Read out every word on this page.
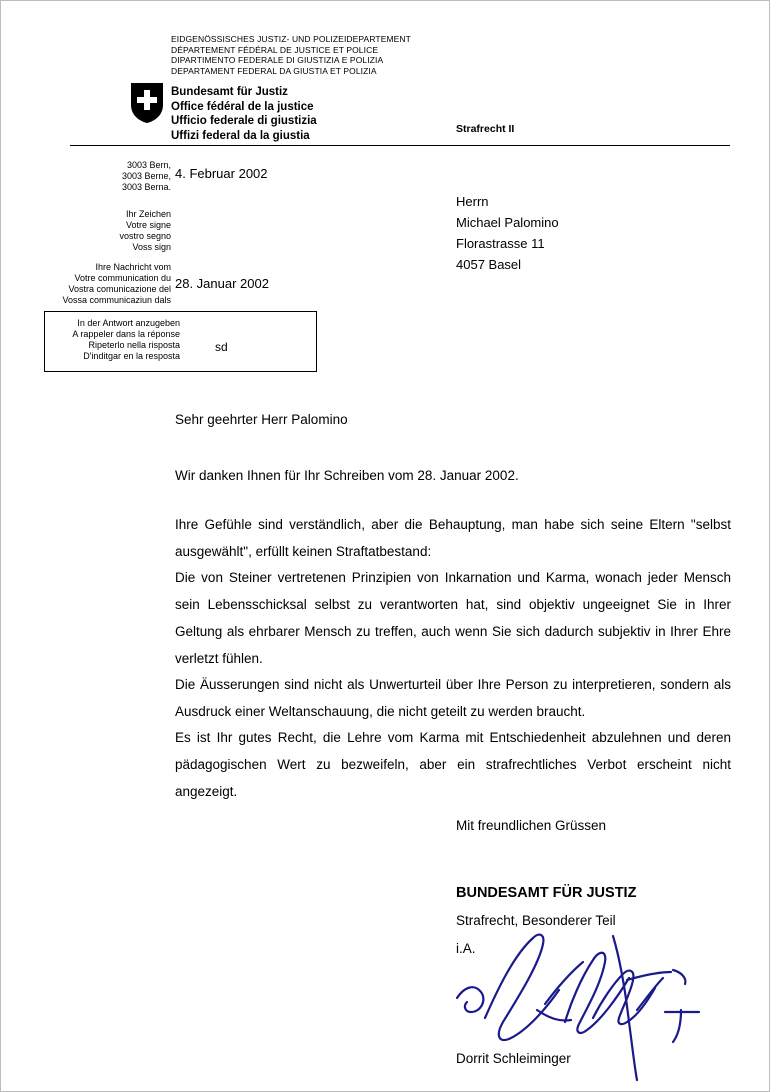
EIDGENÖSSISCHES JUSTIZ- UND POLIZEIDEPARTEMENT
DÉPARTEMENT FÉDÉRAL DE JUSTICE ET POLICE
DIPARTIMENTO FEDERALE DI GIUSTIZIA E POLIZIA
DEPARTAMENT FEDERAL DA GIUSTIA ET POLIZIA
Bundesamt für Justiz
Office fédéral de la justice
Ufficio federale di giustizia
Uffizi federal da la giustia
Strafrecht II
3003 Bern,
3003 Berne,
3003 Berna.
4. Februar 2002
Ihr Zeichen
Votre signe
vostro segno
Voss sign
Ihre Nachricht vom
Votre communication du
Vostra comunicazione del
Vossa communicaziun dals
28. Januar 2002
Herrn
Michael Palomino
Florastrasse 11
4057 Basel
In der Antwort anzugeben
A rappeler dans la réponse
Ripeterlo nella risposta
D'inditgar en la resposta
sd
Sehr geehrter Herr Palomino
Wir danken Ihnen für Ihr Schreiben vom 28. Januar 2002.
Ihre Gefühle sind verständlich, aber die Behauptung, man habe sich seine Eltern "selbst ausgewählt", erfüllt keinen Straftatbestand:
Die von Steiner vertretenen Prinzipien von Inkarnation und Karma, wonach jeder Mensch sein Lebensschicksal selbst zu verantworten hat, sind objektiv ungeeignet Sie in Ihrer Geltung als ehrbarer Mensch zu treffen, auch wenn Sie sich dadurch subjektiv in Ihrer Ehre verletzt fühlen.
Die Äusserungen sind nicht als Unwerturteil über Ihre Person zu interpretieren, sondern als Ausdruck einer Weltanschauung, die nicht geteilt zu werden braucht.
Es ist Ihr gutes Recht, die Lehre vom Karma mit Entschiedenheit abzulehnen und deren pädagogischen Wert zu bezweifeln, aber ein strafrechtliches Verbot erscheint nicht angezeigt.
Mit freundlichen Grüssen
BUNDESAMT FÜR JUSTIZ
Strafrecht, Besonderer Teil
i.A.
Dorrit Schleiminger
